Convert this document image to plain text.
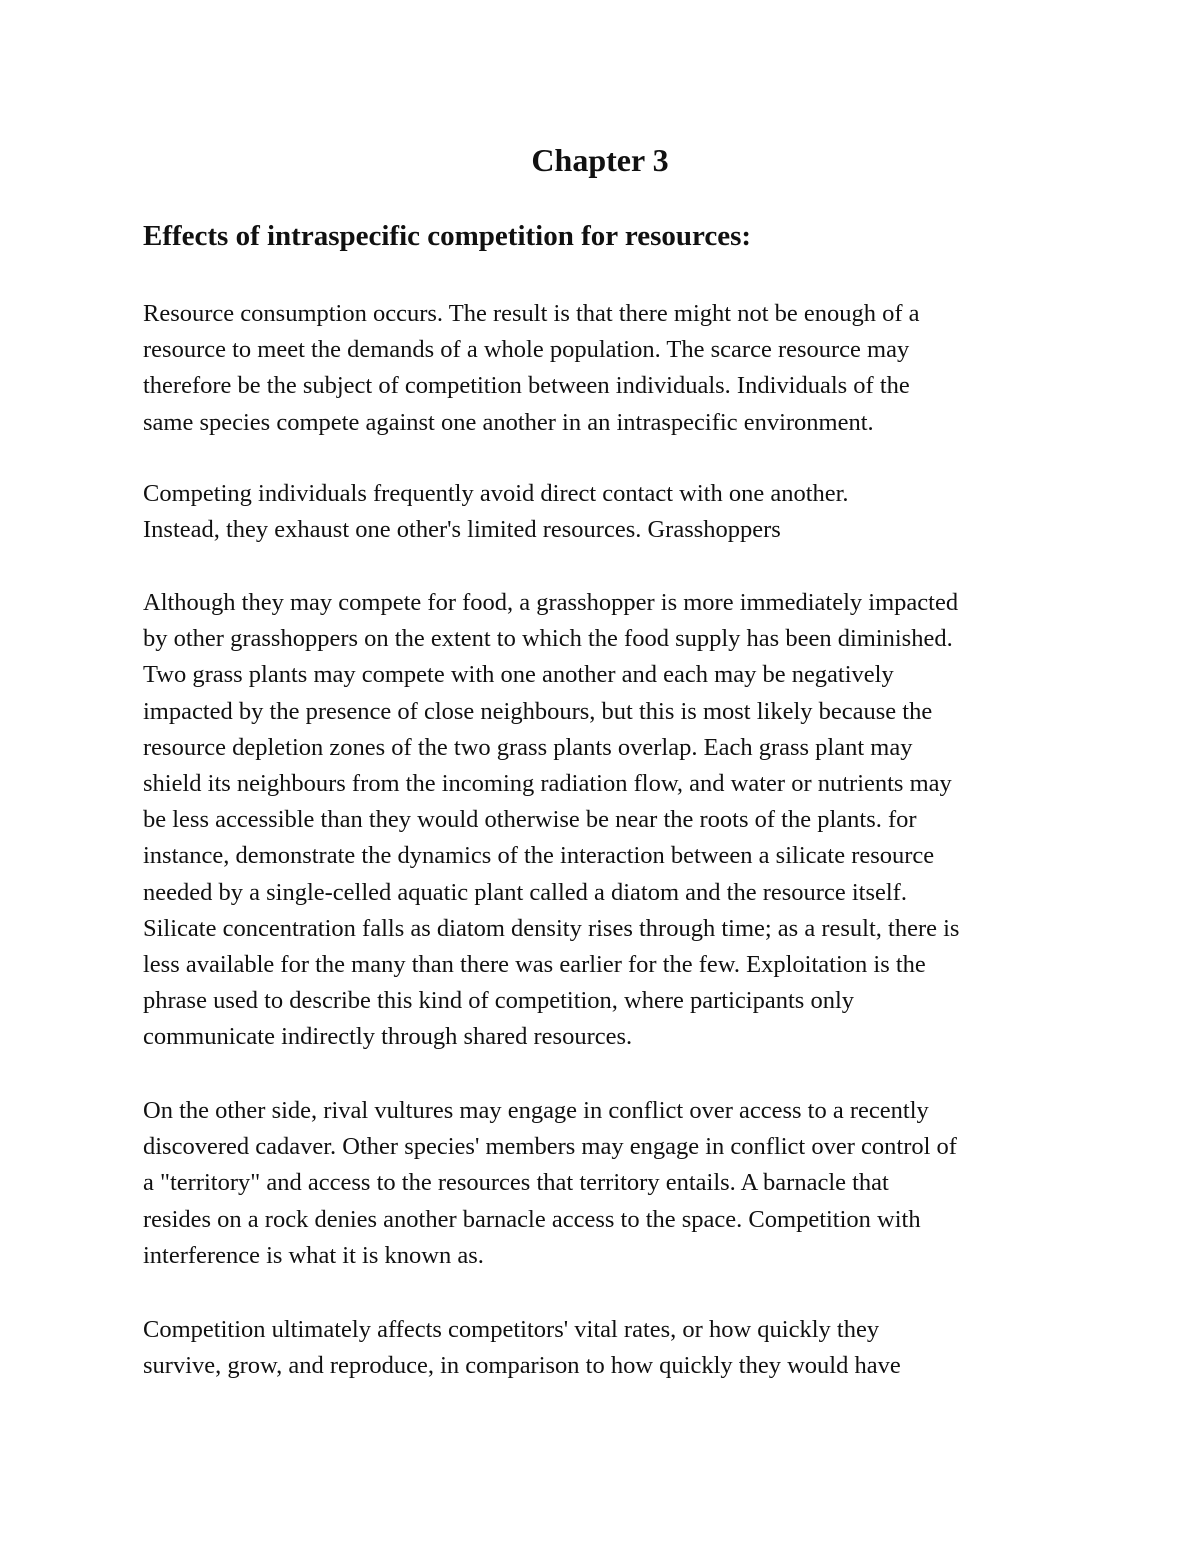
Chapter 3
Effects of intraspecific competition for resources:

Resource consumption occurs. The result is that there might not be enough of a
resource to meet the demands of a whole population. The scarce resource may
therefore be the subject of competition between individuals. Individuals of the
same species compete against one another in an intraspecific environment.

Competing individuals frequently avoid direct contact with one another.
Instead, they exhaust one other's limited resources. Grasshoppers

Although they may compete for food, a grasshopper is more immediately impacted
by other grasshoppers on the extent to which the food supply has been diminished.
Two grass plants may compete with one another and each may be negatively
impacted by the presence of close neighbours, but this is most likely because the
resource depletion zones of the two grass plants overlap. Each grass plant may
shield its neighbours from the incoming radiation flow, and water or nutrients may
be less accessible than they would otherwise be near the roots of the plants. for
instance, demonstrate the dynamics of the interaction between a silicate resource
needed by a single-celled aquatic plant called a diatom and the resource itself.
Silicate concentration falls as diatom density rises through time; as a result, there is
less available for the many than there was earlier for the few. Exploitation is the
phrase used to describe this kind of competition, where participants only
communicate indirectly through shared resources.

On the other side, rival vultures may engage in conflict over access to a recently
discovered cadaver. Other species' members may engage in conflict over control of
a "territory" and access to the resources that territory entails. A barnacle that
resides on a rock denies another barnacle access to the space. Competition with
interference is what it is known as.

Competition ultimately affects competitors' vital rates, or how quickly they
survive, grow, and reproduce, in comparison to how quickly they would have
